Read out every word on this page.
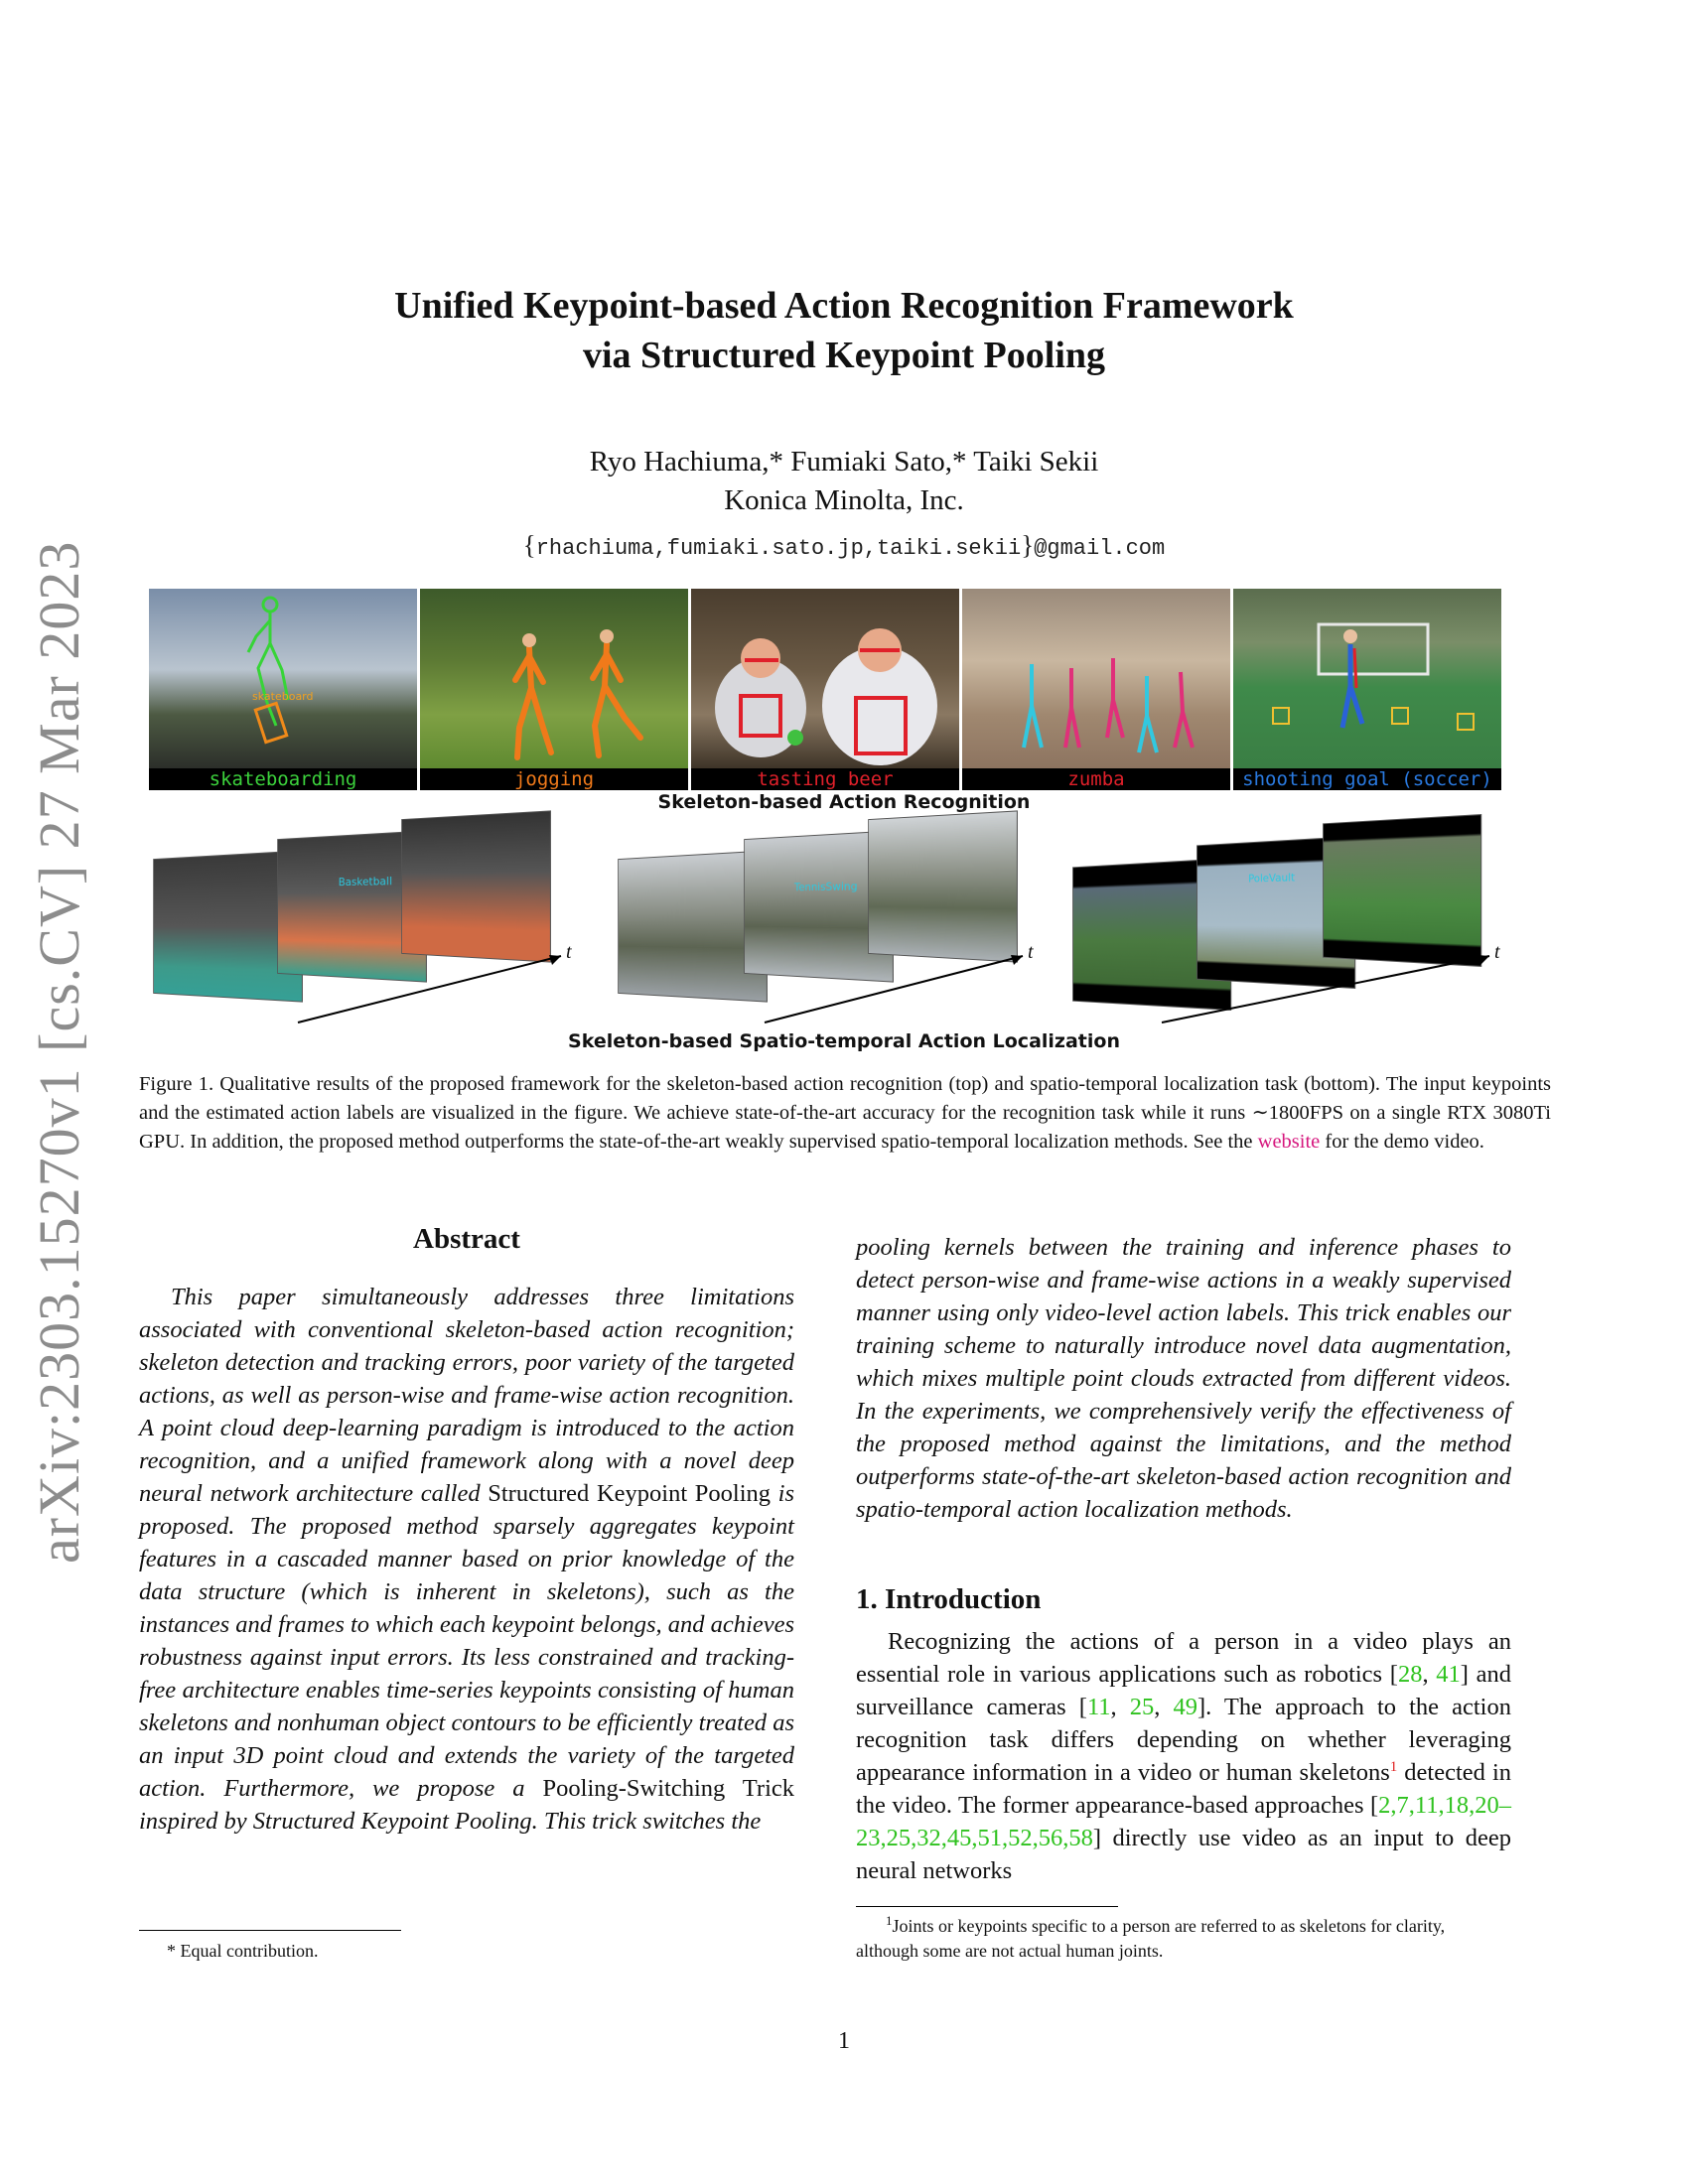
arXiv:2303.15270v1 [cs.CV] 27 Mar 2023
Unified Keypoint-based Action Recognition Framework
via Structured Keypoint Pooling
Ryo Hachiuma,* Fumiaki Sato,* Taiki Sekii
Konica Minolta, Inc.
{rhachiuma,fumiaki.sato.jp,taiki.sekii}@gmail.com
skateboard
skateboarding	jogging	tasting beer	zumba	shooting goal (soccer)
Skeleton-based Action Recognition
Basketball
t
TennisSwing
t
PoleVault
t
Skeleton-based Spatio-temporal Action Localization
Figure 1. Qualitative results of the proposed framework for the skeleton-based action recognition (top) and spatio-temporal localization task (bottom). The input keypoints and the estimated action labels are visualized in the figure. We achieve state-of-the-art accuracy for the recognition task while it runs ∼1800FPS on a single RTX 3080Ti GPU. In addition, the proposed method outperforms the state-of-the-art weakly supervised spatio-temporal localization methods. See the website for the demo video.
Abstract

This paper simultaneously addresses three limitations associated with conventional skeleton-based action recognition; skeleton detection and tracking errors, poor variety of the targeted actions, as well as person-wise and frame-wise action recognition. A point cloud deep-learning paradigm is introduced to the action recognition, and a unified framework along with a novel deep neural network architecture called Structured Keypoint Pooling is proposed. The proposed method sparsely aggregates keypoint features in a cascaded manner based on prior knowledge of the data structure (which is inherent in skeletons), such as the instances and frames to which each keypoint belongs, and achieves robustness against input errors. Its less constrained and tracking-free architecture enables time-series keypoints consisting of human skeletons and nonhuman object contours to be efficiently treated as an input 3D point cloud and extends the variety of the targeted action. Furthermore, we propose a Pooling-Switching Trick inspired by Structured Keypoint Pooling. This trick switches the

pooling kernels between the training and inference phases to detect person-wise and frame-wise actions in a weakly supervised manner using only video-level action labels. This trick enables our training scheme to naturally introduce novel data augmentation, which mixes multiple point clouds extracted from different videos. In the experiments, we comprehensively verify the effectiveness of the proposed method against the limitations, and the method outperforms state-of-the-art skeleton-based action recognition and spatio-temporal action localization methods.

1. Introduction

Recognizing the actions of a person in a video plays an essential role in various applications such as robotics [28, 41] and surveillance cameras [11, 25, 49]. The approach to the action recognition task differs depending on whether leveraging appearance information in a video or human skeletons$^1$ detected in the video. The former appearance-based approaches [2,7,11,18,20–23,25,32,45,51,52,56,58] directly use video as an input to deep neural networks

* Equal contribution.
$^1$Joints or keypoints specific to a person are referred to as skeletons for clarity, although some are not actual human joints.
1
